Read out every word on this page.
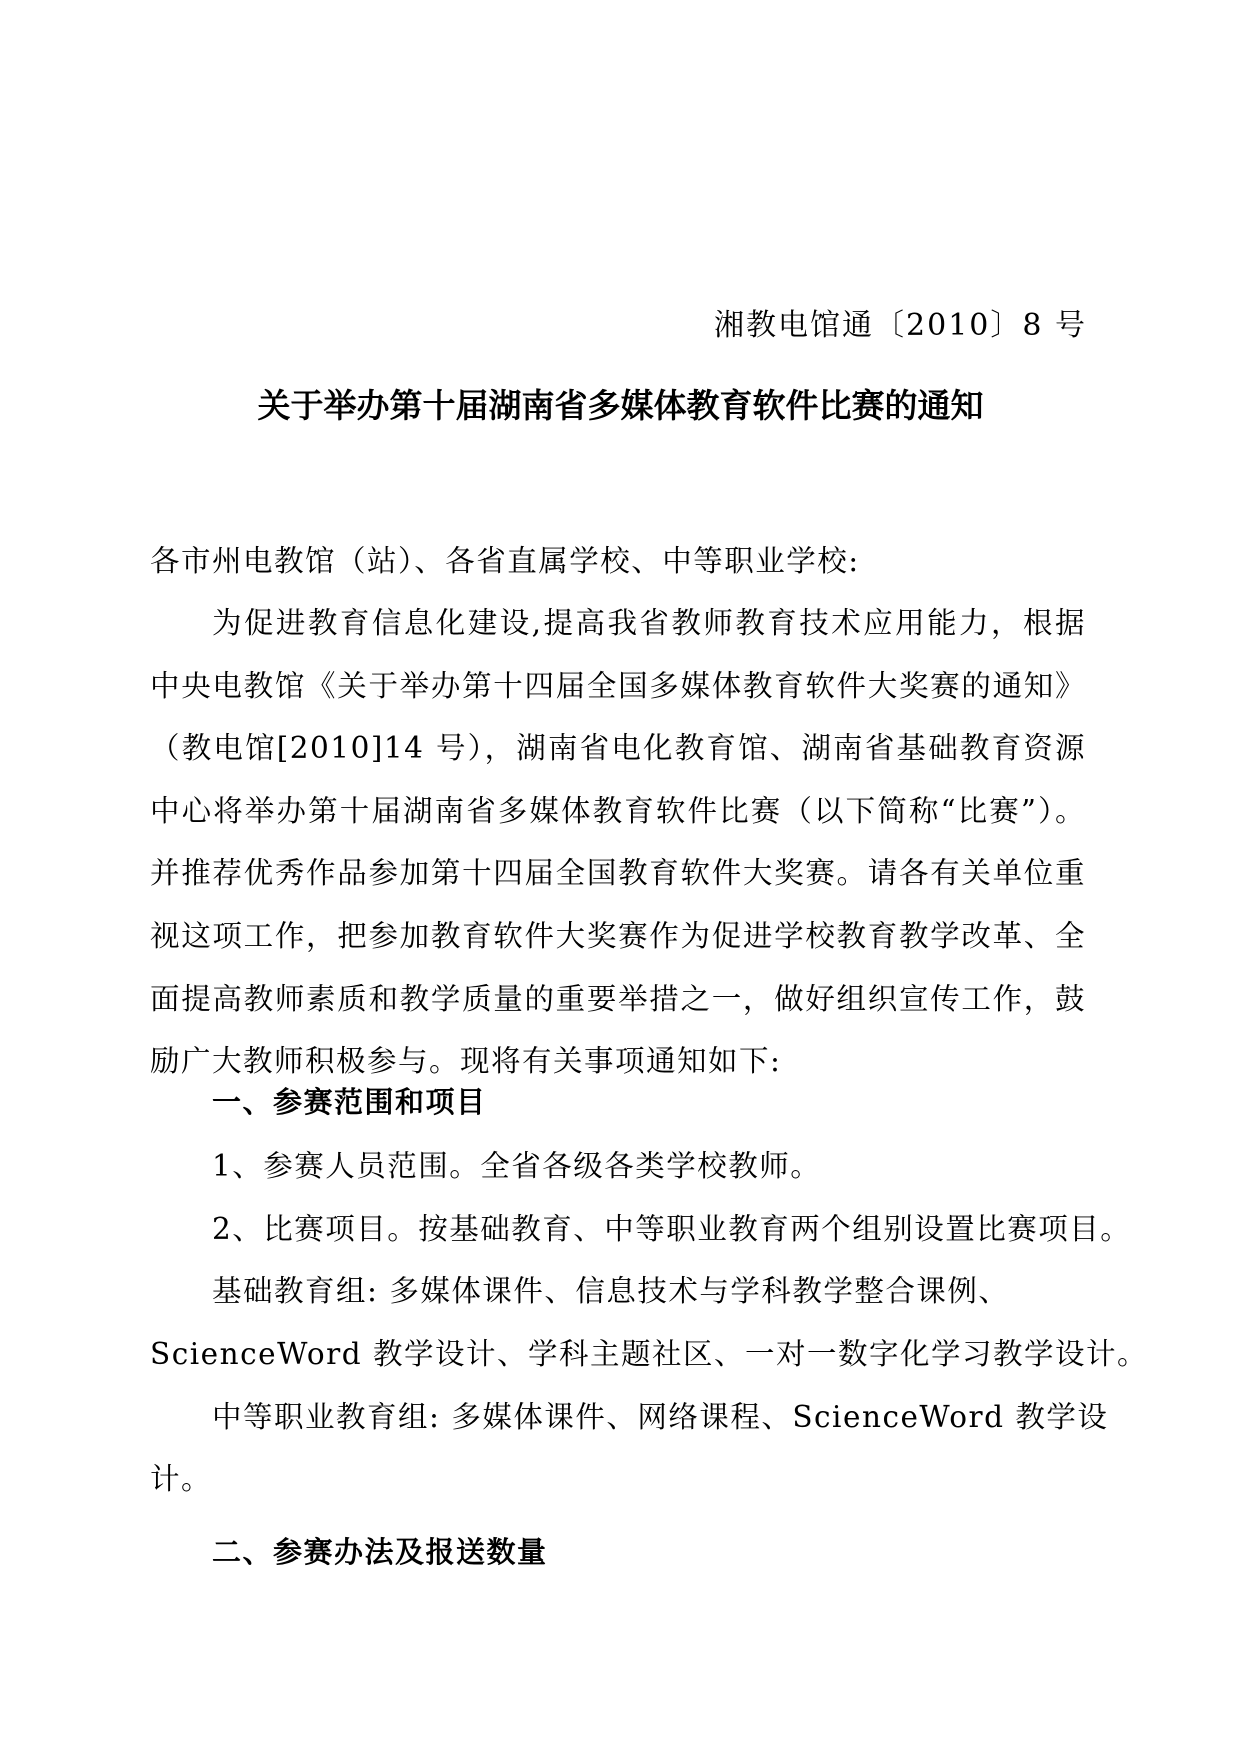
湘教电馆通〔2010〕8 号
关于举办第十届湖南省多媒体教育软件比赛的通知
各市州电教馆（站）、各省直属学校、中等职业学校:
为促进教育信息化建设,提高我省教师教育技术应用能力，根据中央电教馆《关于举办第十四届全国多媒体教育软件大奖赛的通知》（教电馆[2010]14 号），湖南省电化教育馆、湖南省基础教育资源中心将举办第十届湖南省多媒体教育软件比赛（以下简称“比赛”）。并推荐优秀作品参加第十四届全国教育软件大奖赛。请各有关单位重视这项工作，把参加教育软件大奖赛作为促进学校教育教学改革、全面提高教师素质和教学质量的重要举措之一，做好组织宣传工作，鼓励广大教师积极参与。现将有关事项通知如下:
一、参赛范围和项目
1、参赛人员范围。全省各级各类学校教师。
2、比赛项目。按基础教育、中等职业教育两个组别设置比赛项目。
基础教育组: 多媒体课件、信息技术与学科教学整合课例、
ScienceWord 教学设计、学科主题社区、一对一数字化学习教学设计。
中等职业教育组: 多媒体课件、网络课程、ScienceWord 教学设
计。
二、参赛办法及报送数量
